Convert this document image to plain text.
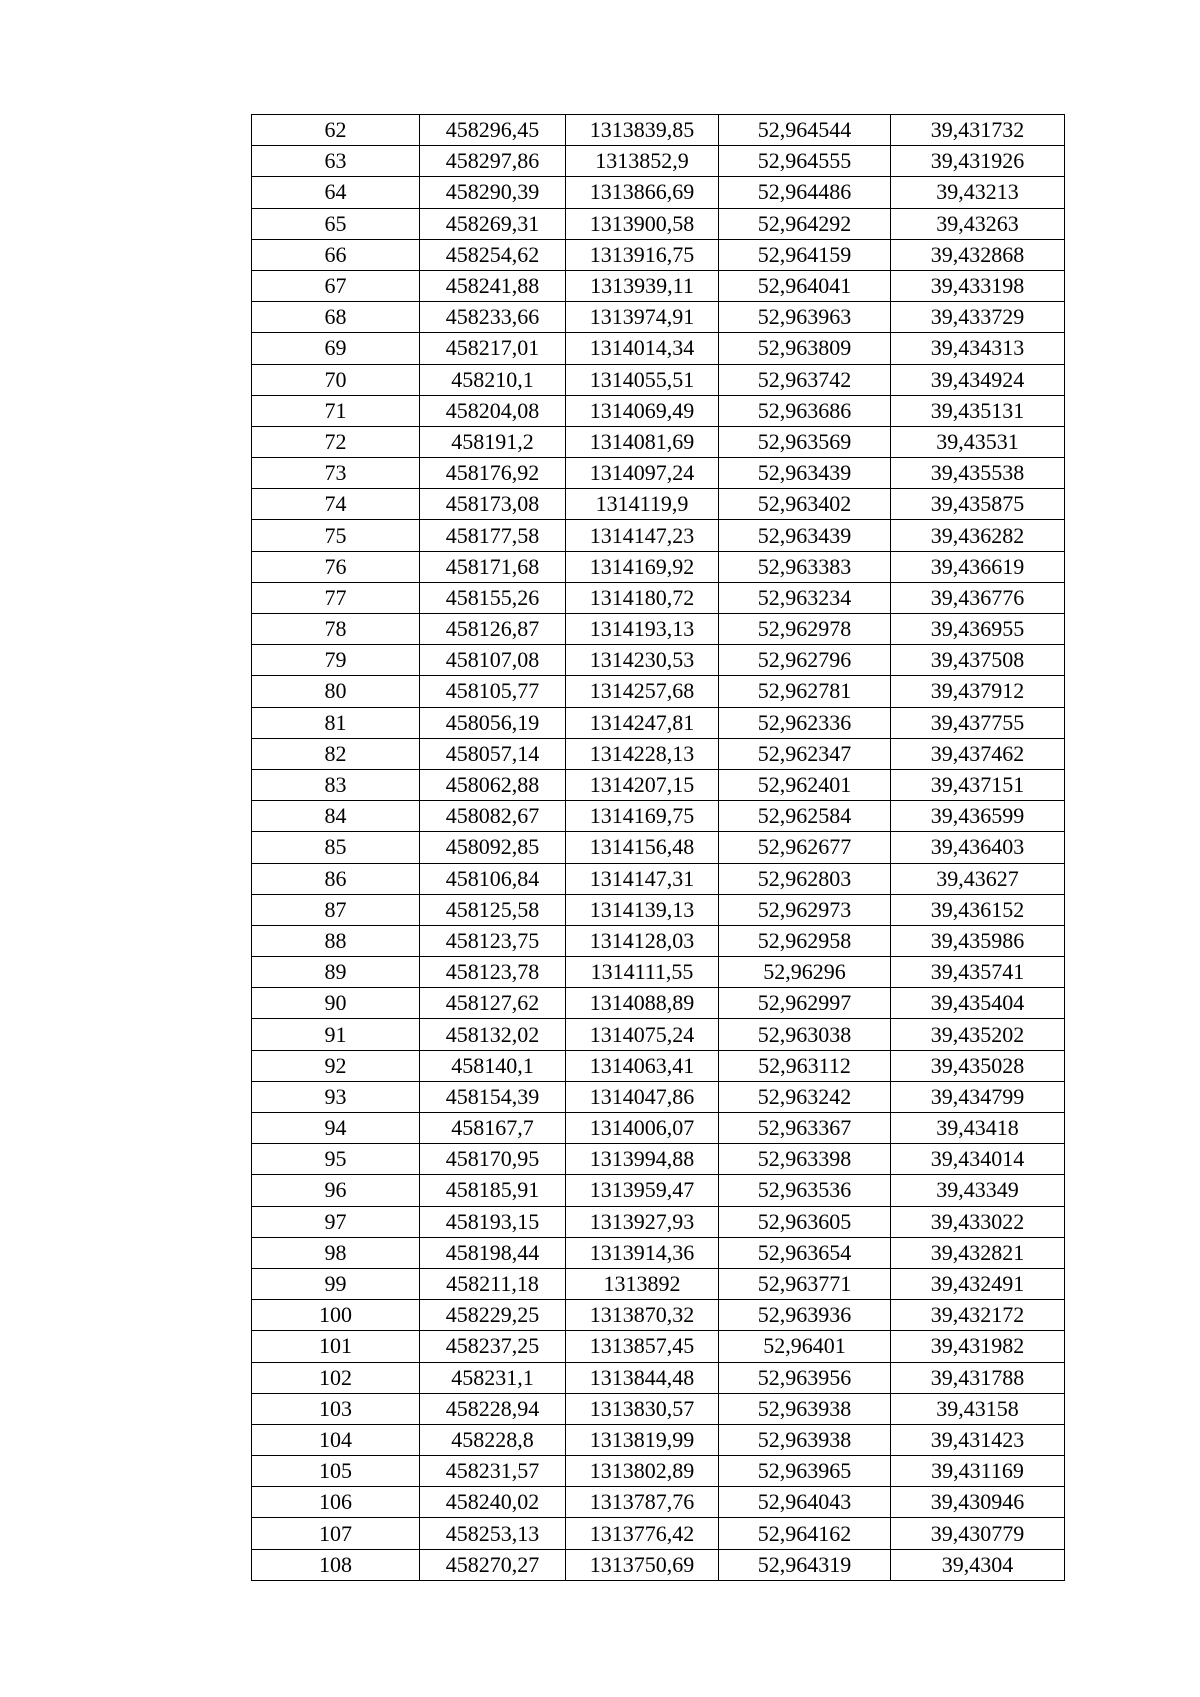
62	458296,45	1313839,85	52,964544	39,431732
63	458297,86	1313852,9	52,964555	39,431926
64	458290,39	1313866,69	52,964486	39,43213
65	458269,31	1313900,58	52,964292	39,43263
66	458254,62	1313916,75	52,964159	39,432868
67	458241,88	1313939,11	52,964041	39,433198
68	458233,66	1313974,91	52,963963	39,433729
69	458217,01	1314014,34	52,963809	39,434313
70	458210,1	1314055,51	52,963742	39,434924
71	458204,08	1314069,49	52,963686	39,435131
72	458191,2	1314081,69	52,963569	39,43531
73	458176,92	1314097,24	52,963439	39,435538
74	458173,08	1314119,9	52,963402	39,435875
75	458177,58	1314147,23	52,963439	39,436282
76	458171,68	1314169,92	52,963383	39,436619
77	458155,26	1314180,72	52,963234	39,436776
78	458126,87	1314193,13	52,962978	39,436955
79	458107,08	1314230,53	52,962796	39,437508
80	458105,77	1314257,68	52,962781	39,437912
81	458056,19	1314247,81	52,962336	39,437755
82	458057,14	1314228,13	52,962347	39,437462
83	458062,88	1314207,15	52,962401	39,437151
84	458082,67	1314169,75	52,962584	39,436599
85	458092,85	1314156,48	52,962677	39,436403
86	458106,84	1314147,31	52,962803	39,43627
87	458125,58	1314139,13	52,962973	39,436152
88	458123,75	1314128,03	52,962958	39,435986
89	458123,78	1314111,55	52,96296	39,435741
90	458127,62	1314088,89	52,962997	39,435404
91	458132,02	1314075,24	52,963038	39,435202
92	458140,1	1314063,41	52,963112	39,435028
93	458154,39	1314047,86	52,963242	39,434799
94	458167,7	1314006,07	52,963367	39,43418
95	458170,95	1313994,88	52,963398	39,434014
96	458185,91	1313959,47	52,963536	39,43349
97	458193,15	1313927,93	52,963605	39,433022
98	458198,44	1313914,36	52,963654	39,432821
99	458211,18	1313892	52,963771	39,432491
100	458229,25	1313870,32	52,963936	39,432172
101	458237,25	1313857,45	52,96401	39,431982
102	458231,1	1313844,48	52,963956	39,431788
103	458228,94	1313830,57	52,963938	39,43158
104	458228,8	1313819,99	52,963938	39,431423
105	458231,57	1313802,89	52,963965	39,431169
106	458240,02	1313787,76	52,964043	39,430946
107	458253,13	1313776,42	52,964162	39,430779
108	458270,27	1313750,69	52,964319	39,4304
